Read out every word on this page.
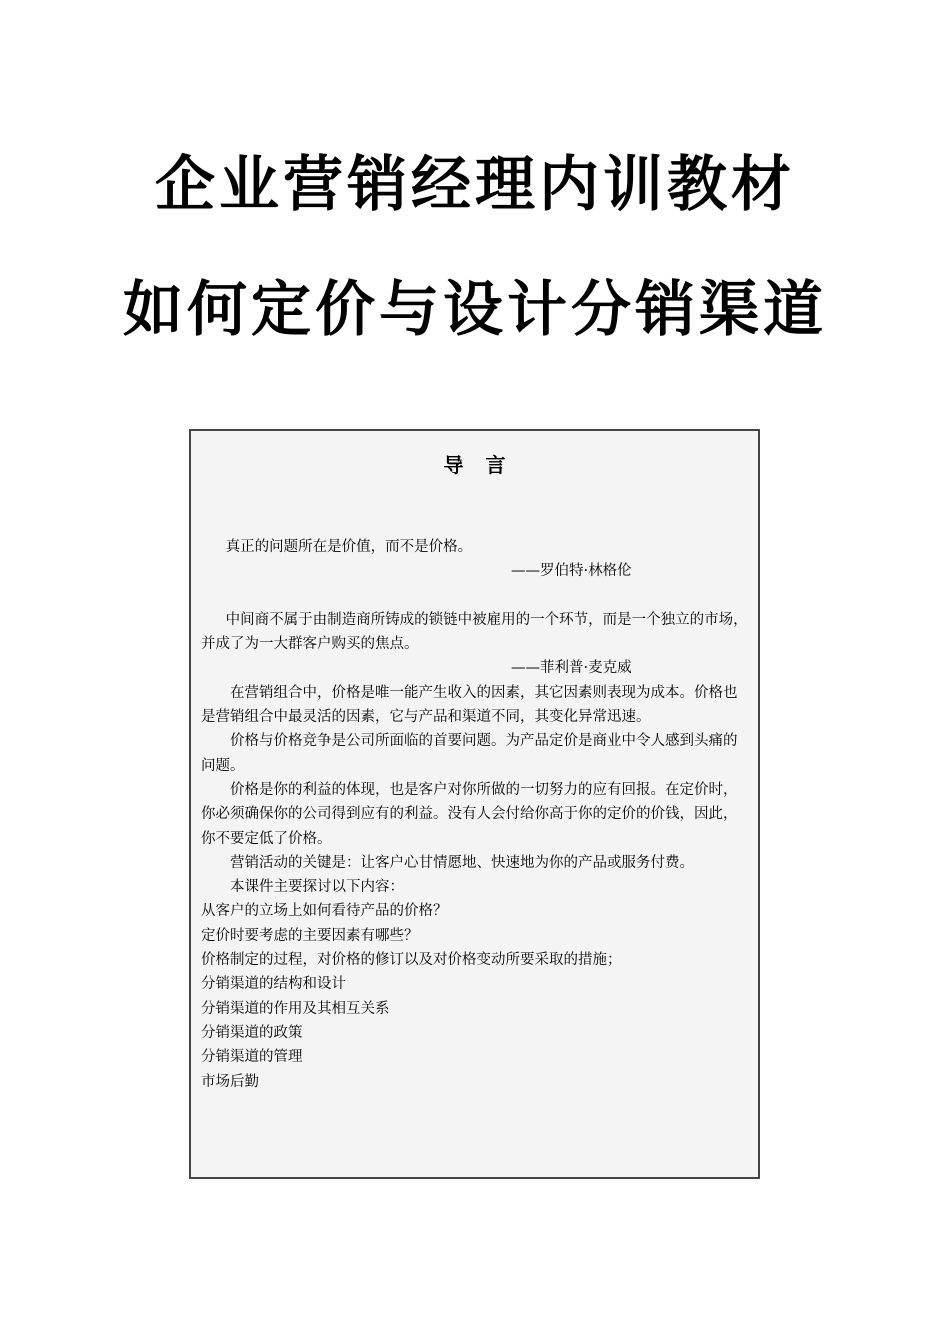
企业营销经理内训教材
如何定价与设计分销渠道
导言

真正的问题所在是价值，而不是价格。

——罗伯特·林格伦

中间商不属于由制造商所铸成的锁链中被雇用的一个环节，而是一个独立的市场，并成了为一大群客户购买的焦点。

——菲利普·麦克威

在营销组合中，价格是唯一能产生收入的因素，其它因素则表现为成本。价格也是营销组合中最灵活的因素，它与产品和渠道不同，其变化异常迅速。

价格与价格竞争是公司所面临的首要问题。为产品定价是商业中令人感到头痛的问题。

价格是你的利益的体现，也是客户对你所做的一切努力的应有回报。在定价时，你必须确保你的公司得到应有的利益。没有人会付给你高于你的定价的价钱，因此，你不要定低了价格。

营销活动的关键是：让客户心甘情愿地、快速地为你的产品或服务付费。

本课件主要探讨以下内容：

从客户的立场上如何看待产品的价格？

定价时要考虑的主要因素有哪些？

价格制定的过程，对价格的修订以及对价格变动所要采取的措施；

分销渠道的结构和设计

分销渠道的作用及其相互关系

分销渠道的政策

分销渠道的管理

市场后勤
